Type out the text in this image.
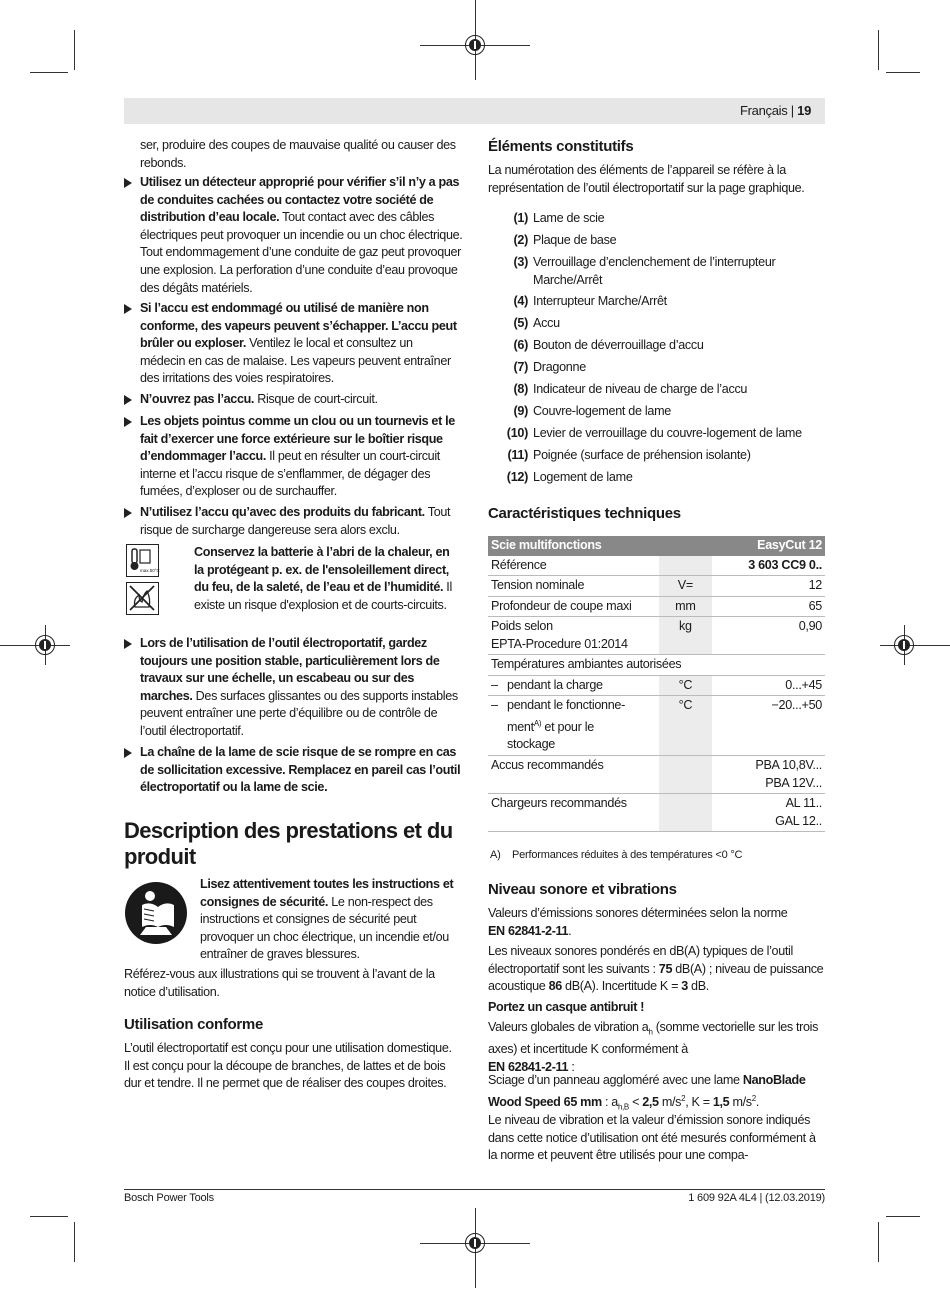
Français | 19
ser, produire des coupes de mauvaise qualité ou causer des rebonds.
Utilisez un détecteur approprié pour vérifier s’il n’y a pas de conduites cachées ou contactez votre société de distribution d’eau locale. Tout contact avec des câbles électriques peut provoquer un incendie ou un choc électrique. Tout endommagement d’une conduite de gaz peut provoquer une explosion. La perforation d’une conduite d’eau provoque des dégâts matériels.
Si l’accu est endommagé ou utilisé de manière non conforme, des vapeurs peuvent s’échapper. L’accu peut brûler ou exploser. Ventilez le local et consultez un médecin en cas de malaise. Les vapeurs peuvent entraîner des irritations des voies respiratoires.
N’ouvrez pas l’accu. Risque de court-circuit.
Les objets pointus comme un clou ou un tournevis et le fait d’exercer une force extérieure sur le boîtier risque d’endommager l’accu. Il peut en résulter un court-circuit interne et l’accu risque de s’enflammer, de dégager des fumées, d’exploser ou de surchauffer.
N’utilisez l’accu qu’avec des produits du fabricant. Tout risque de surcharge dangereuse sera alors exclu.
max.50°C
Conservez la batterie à l’abri de la chaleur, en la protégeant p. ex. de l'ensoleillement direct, du feu, de la saleté, de l’eau et de l’humidité. Il existe un risque d'explosion et de courts-circuits.
Lors de l’utilisation de l’outil électroportatif, gardez toujours une position stable, particulièrement lors de travaux sur une échelle, un escabeau ou sur des marches. Des surfaces glissantes ou des supports instables peuvent entraîner une perte d’équilibre ou de contrôle de l’outil électroportatif.
La chaîne de la lame de scie risque de se rompre en cas de sollicitation excessive. Remplacez en pareil cas l’outil électroportatif ou la lame de scie.
Description des prestations et du produit
Lisez attentivement toutes les instructions et consignes de sécurité. Le non-respect des instructions et consignes de sécurité peut provoquer un choc électrique, un incendie et/ou entraîner de graves blessures.
Référez-vous aux illustrations qui se trouvent à l’avant de la notice d’utilisation.
Utilisation conforme
L’outil électroportatif est conçu pour une utilisation domestique. Il est conçu pour la découpe de branches, de lattes et de bois dur et tendre. Il ne permet que de réaliser des coupes droites.
Éléments constitutifs
La numérotation des éléments de l’appareil se réfère à la représentation de l’outil électroportatif sur la page graphique.
(1) Lame de scie
(2) Plaque de base
(3) Verrouillage d’enclenchement de l’interrupteur Marche/Arrêt
(4) Interrupteur Marche/Arrêt
(5) Accu
(6) Bouton de déverrouillage d’accu
(7) Dragonne
(8) Indicateur de niveau de charge de l’accu
(9) Couvre-logement de lame
(10) Levier de verrouillage du couvre-logement de lame
(11) Poignée (surface de préhension isolante)
(12) Logement de lame
Caractéristiques techniques
Scie multifonctions		EasyCut 12
Référence		3 603 CC9 0..
Tension nominale	V=	12
Profondeur de coupe maxi	mm	65
Poids selon
EPTA-Procedure 01:2014	kg	0,90
Températures ambiantes autorisées		
– pendant la charge	°C	0...+45

– pendant le fonctionne-
ment$^{A)}$ et pour le
stockage
°C	−20...+50
Accus recommandés		PBA 10,8V...
PBA 12V...
Chargeurs recommandés		AL 11..
GAL 12..
A) Performances réduites à des températures <0 °C
Niveau sonore et vibrations
Valeurs d’émissions sonores déterminées selon la norme
EN 62841-2-11.
Les niveaux sonores pondérés en dB(A) typiques de l’outil électroportatif sont les suivants : 75 dB(A) ; niveau de puissance acoustique 86 dB(A). Incertitude K = 3 dB.
Portez un casque antibruit !
Valeurs globales de vibration $a_h$ (somme vectorielle sur les trois axes) et incertitude K conformément à
EN 62841-2-11 :
Sciage d’un panneau aggloméré avec une lame NanoBlade Wood Speed 65 mm : $a_{h,B} < 2,5$ $m/s^2$, K = 1,5 $m/s^2$.
Le niveau de vibration et la valeur d’émission sonore indiqués dans cette notice d’utilisation ont été mesurés conformément à la norme et peuvent être utilisés pour une compa-
Bosch Power Tools	1 609 92A 4L4 | (12.03.2019)
